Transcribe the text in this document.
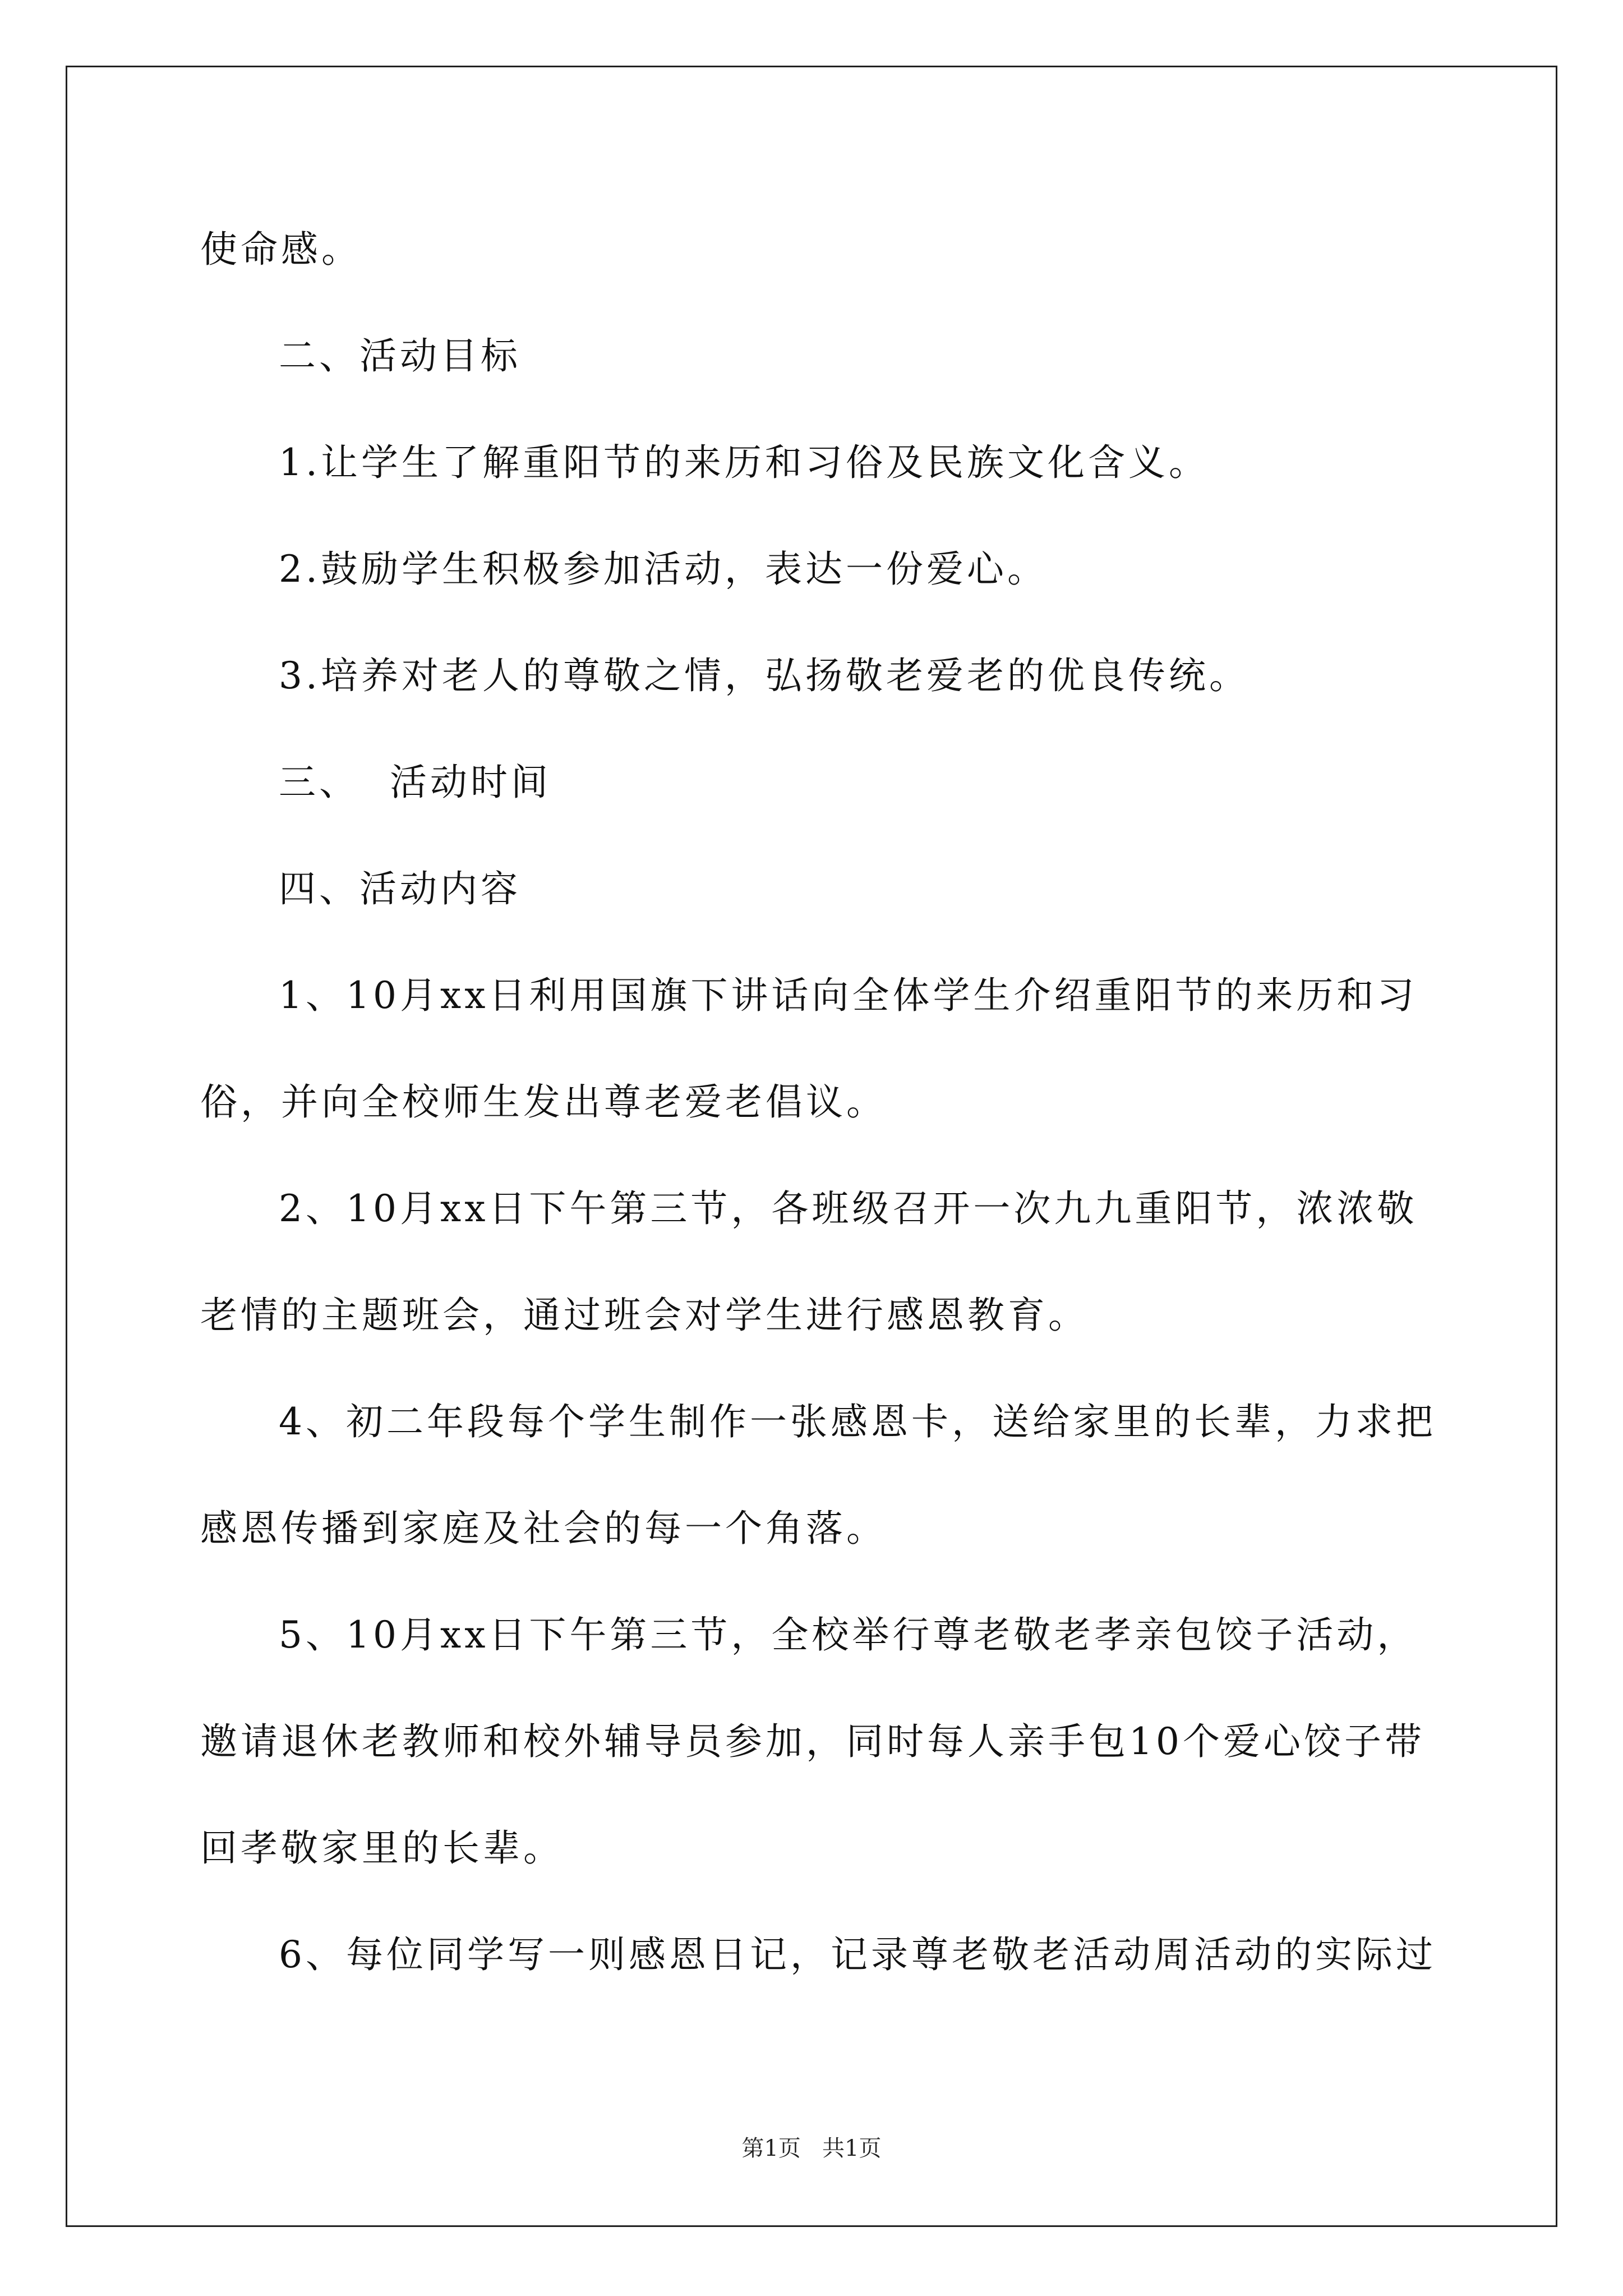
使命感。
二、活动目标
1.让学生了解重阳节的来历和习俗及民族文化含义。
2.鼓励学生积极参加活动，表达一份爱心。
3.培养对老人的尊敬之情，弘扬敬老爱老的优良传统。
三、  活动时间
四、活动内容
1、10月xx日利用国旗下讲话向全体学生介绍重阳节的来历和习
俗，并向全校师生发出尊老爱老倡议。
2、10月xx日下午第三节，各班级召开一次九九重阳节，浓浓敬
老情的主题班会，通过班会对学生进行感恩教育。
4、初二年段每个学生制作一张感恩卡，送给家里的长辈，力求把
感恩传播到家庭及社会的每一个角落。
5、10月xx日下午第三节，全校举行尊老敬老孝亲包饺子活动，
邀请退休老教师和校外辅导员参加，同时每人亲手包10个爱心饺子带
回孝敬家里的长辈。
6、每位同学写一则感恩日记，记录尊老敬老活动周活动的实际过
第1页   共1页
